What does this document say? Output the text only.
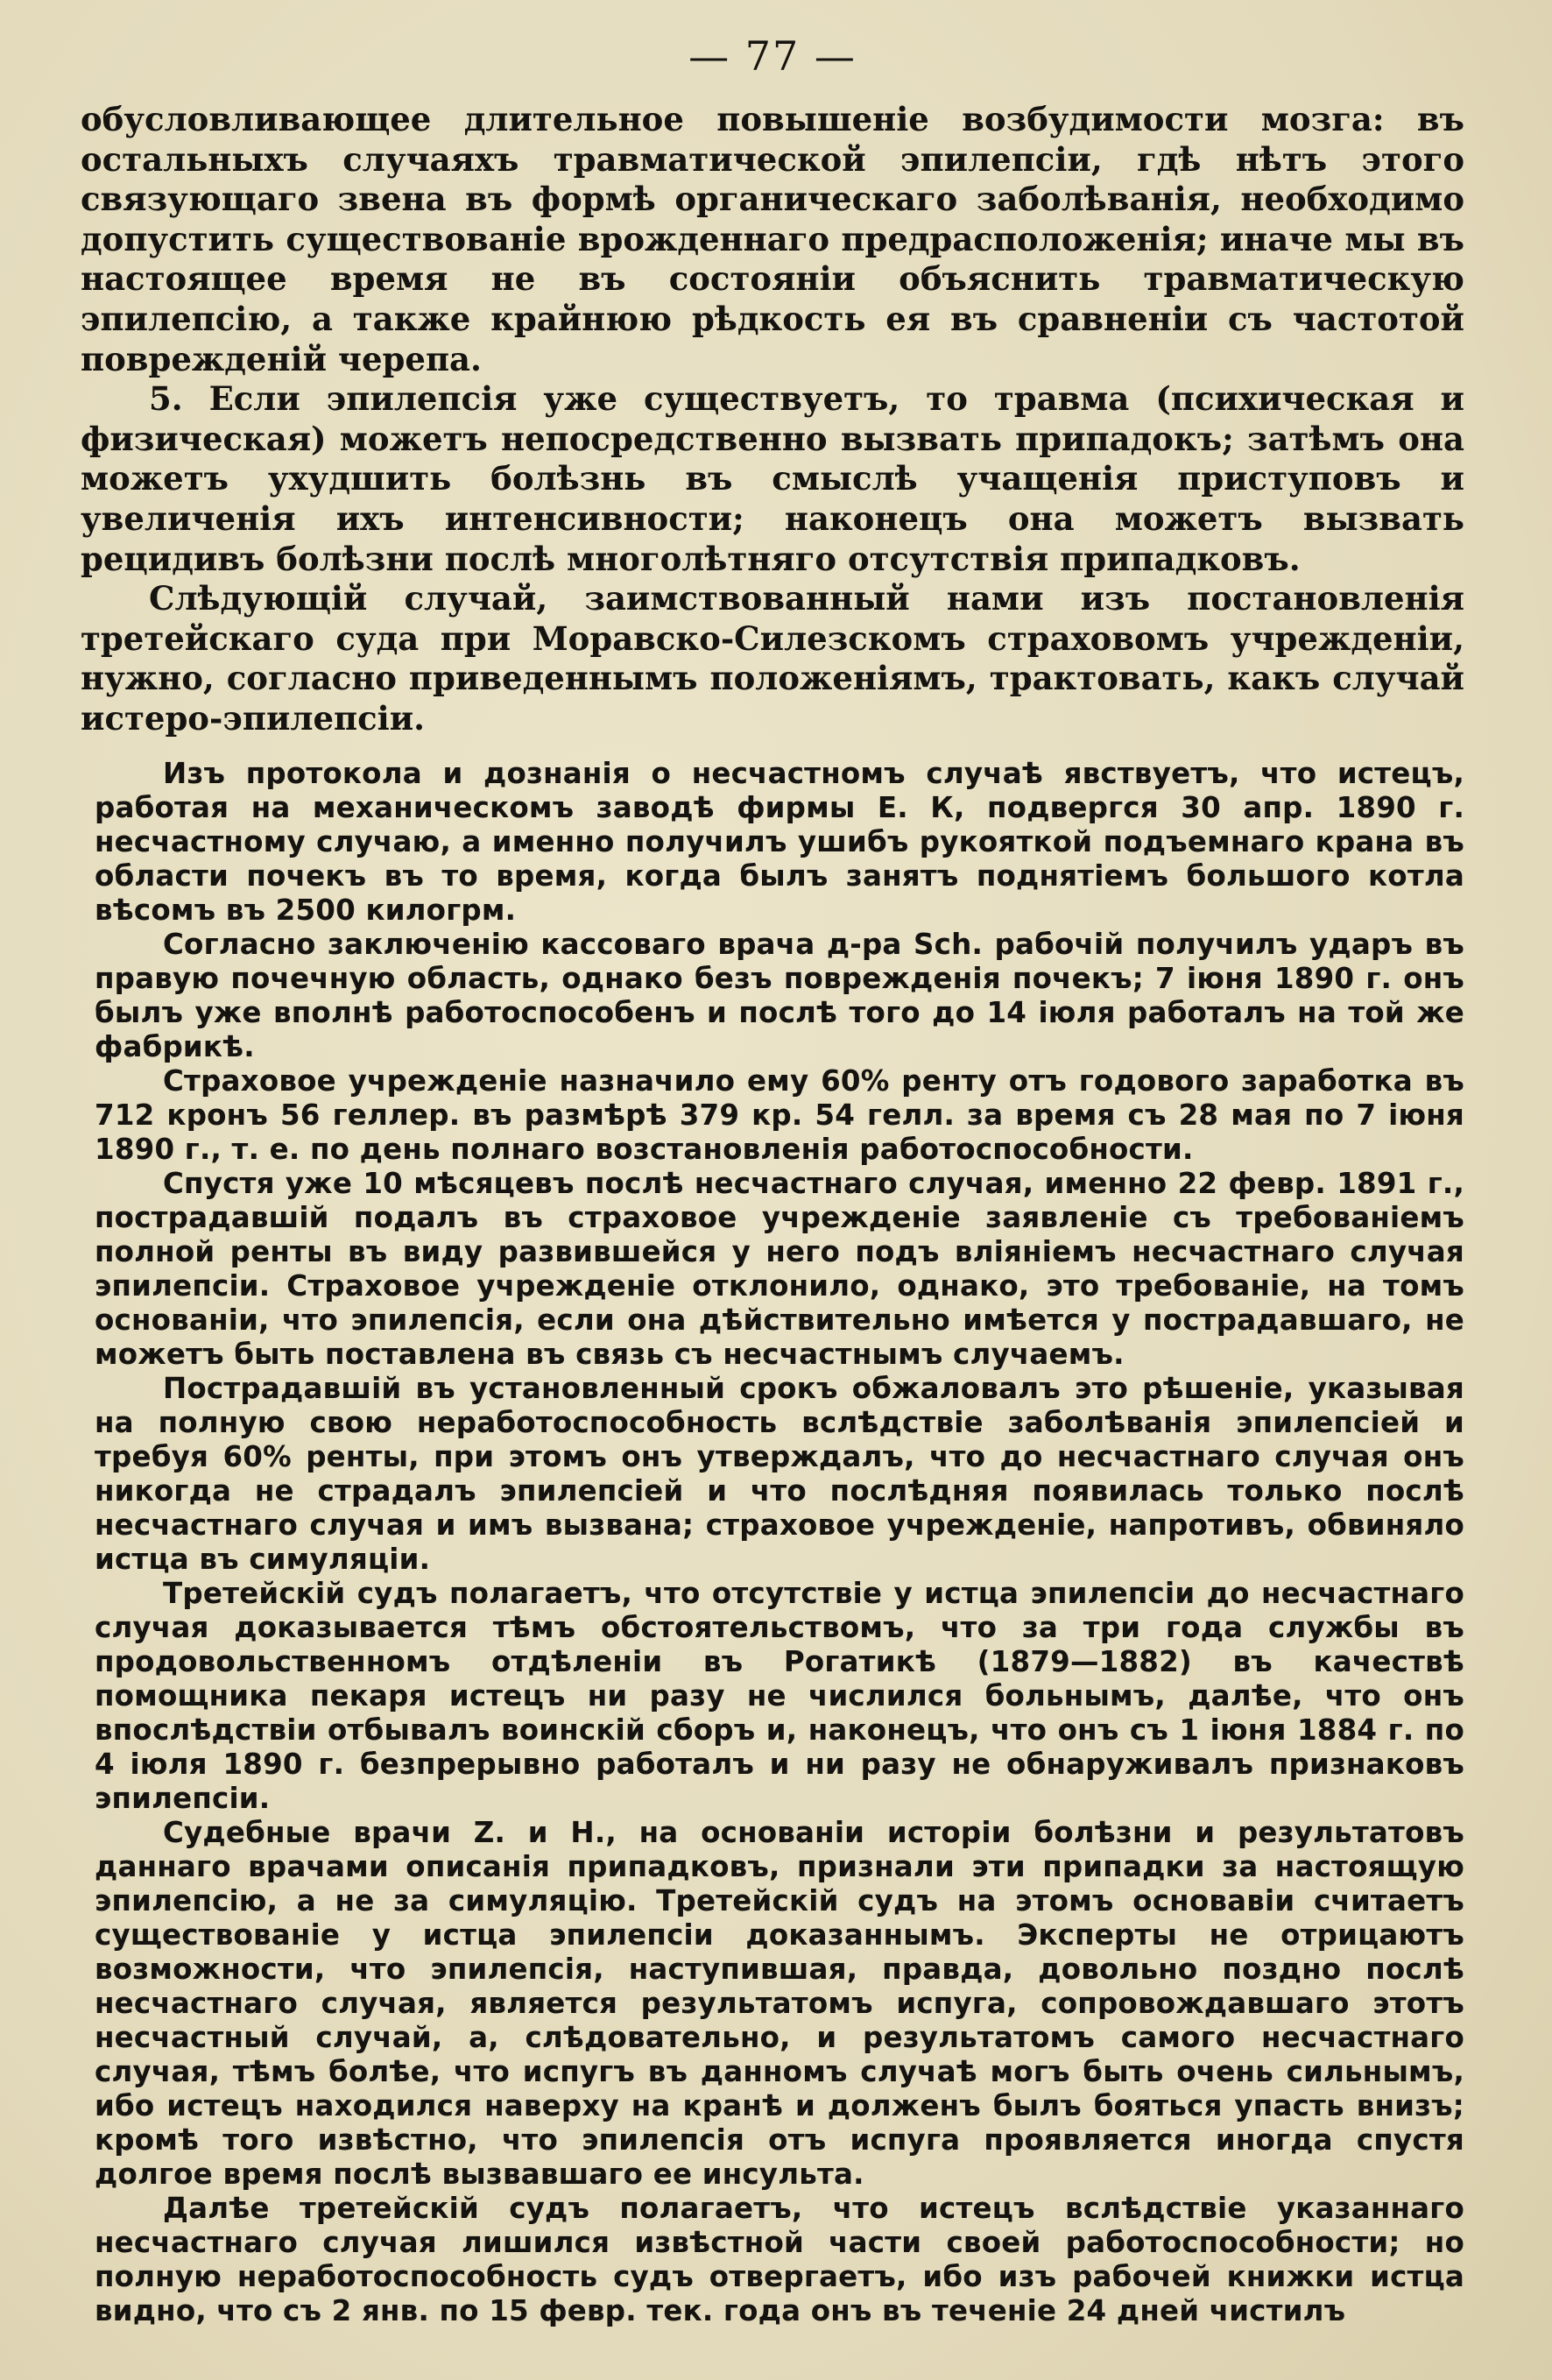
— 77 —

обусловливающее длительное повышеніе возбудимости мозга: въ остальныхъ случаяхъ травматической эпилепсіи, гдѣ нѣтъ этого связующаго звена въ формѣ органическаго заболѣванія, необходимо допустить существованіе врожденнаго предрасположенія; иначе мы въ настоящее время не въ состояніи объяснить травматическую эпилепсію, а также крайнюю рѣдкость ея въ сравненіи съ частотой поврежденій черепа.

5. Если эпилепсія уже существуетъ, то травма (психическая и физическая) можетъ непосредственно вызвать припадокъ; затѣмъ она можетъ ухудшить болѣзнь въ смыслѣ учащенія приступовъ и увеличенія ихъ интенсивности; наконецъ она можетъ вызвать рецидивъ болѣзни послѣ многолѣтняго отсутствія припадковъ.

Слѣдующій случай, заимствованный нами изъ постановленія третейскаго суда при Моравско-Силезскомъ страховомъ учрежденіи, нужно, согласно приведеннымъ положеніямъ, трактовать, какъ случай истеро-эпилепсіи.

Изъ протокола и дознанія о несчастномъ случаѣ явствуетъ, что истецъ, работая на механическомъ заводѣ фирмы Е. К, подвергся 30 апр. 1890 г. несчастному случаю, а именно получилъ ушибъ рукояткой подъемнаго крана въ области почекъ въ то время, когда былъ занятъ поднятіемъ большого котла вѣсомъ въ 2500 килогрм.

Согласно заключенію кассоваго врача д-ра Sch. рабочій получилъ ударъ въ правую почечную область, однако безъ поврежденія почекъ; 7 іюня 1890 г. онъ былъ уже вполнѣ работоспособенъ и послѣ того до 14 іюля работалъ на той же фабрикѣ.

Страховое учрежденіе назначило ему 60% ренту отъ годового заработка въ 712 кронъ 56 геллер. въ размѣрѣ 379 кр. 54 гелл. за время съ 28 мая по 7 іюня 1890 г., т. е. по день полнаго возстановленія работоспособности.

Спустя уже 10 мѣсяцевъ послѣ несчастнаго случая, именно 22 февр. 1891 г., пострадавшій подалъ въ страховое учрежденіе заявленіе съ требованіемъ полной ренты въ виду развившейся у него подъ вліяніемъ несчастнаго случая эпилепсіи. Страховое учрежденіе отклонило, однако, это требованіе, на томъ основаніи, что эпилепсія, если она дѣйствительно имѣется у пострадавшаго, не можетъ быть поставлена въ связь съ несчастнымъ случаемъ.

Пострадавшій въ установленный срокъ обжаловалъ это рѣшеніе, указывая на полную свою неработоспособность вслѣдствіе заболѣванія эпилепсіей и требуя 60% ренты, при этомъ онъ утверждалъ, что до несчастнаго случая онъ никогда не страдалъ эпилепсіей и что послѣдняя появилась только послѣ несчастнаго случая и имъ вызвана; страховое учрежденіе, напротивъ, обвиняло истца въ симуляціи.

Третейскій судъ полагаетъ, что отсутствіе у истца эпилепсіи до несчастнаго случая доказывается тѣмъ обстоятельствомъ, что за три года службы въ продовольственномъ отдѣленіи въ Рогатикѣ (1879—1882) въ качествѣ помощника пекаря истецъ ни разу не числился больнымъ, далѣе, что онъ впослѣдствіи отбывалъ воинскій сборъ и, наконецъ, что онъ съ 1 іюня 1884 г. по 4 іюля 1890 г. безпрерывно работалъ и ни разу не обнаруживалъ признаковъ эпилепсіи.

Судебные врачи Z. и H., на основаніи исторіи болѣзни и результатовъ даннаго врачами описанія припадковъ, признали эти припадки за настоящую эпилепсію, а не за симуляцію. Третейскій судъ на этомъ основавіи считаетъ существованіе у истца эпилепсіи доказаннымъ. Эксперты не отрицаютъ возможности, что эпилепсія, наступившая, правда, довольно поздно послѣ несчастнаго случая, является результатомъ испуга, сопровождавшаго этотъ несчастный случай, а, слѣдовательно, и результатомъ самого несчастнаго случая, тѣмъ болѣе, что испугъ въ данномъ случаѣ могъ быть очень сильнымъ, ибо истецъ находился наверху на кранѣ и долженъ былъ бояться упасть внизъ; кромѣ того извѣстно, что эпилепсія отъ испуга проявляется иногда спустя долгое время послѣ вызвавшаго ее инсульта.

Далѣе третейскій судъ полагаетъ, что истецъ вслѣдствіе указаннаго несчастнаго случая лишился извѣстной части своей работоспособности; но полную неработоспособность судъ отвергаетъ, ибо изъ рабочей книжки истца видно, что съ 2 янв. по 15 февр. тек. года онъ въ теченіе 24 дней чистилъ
